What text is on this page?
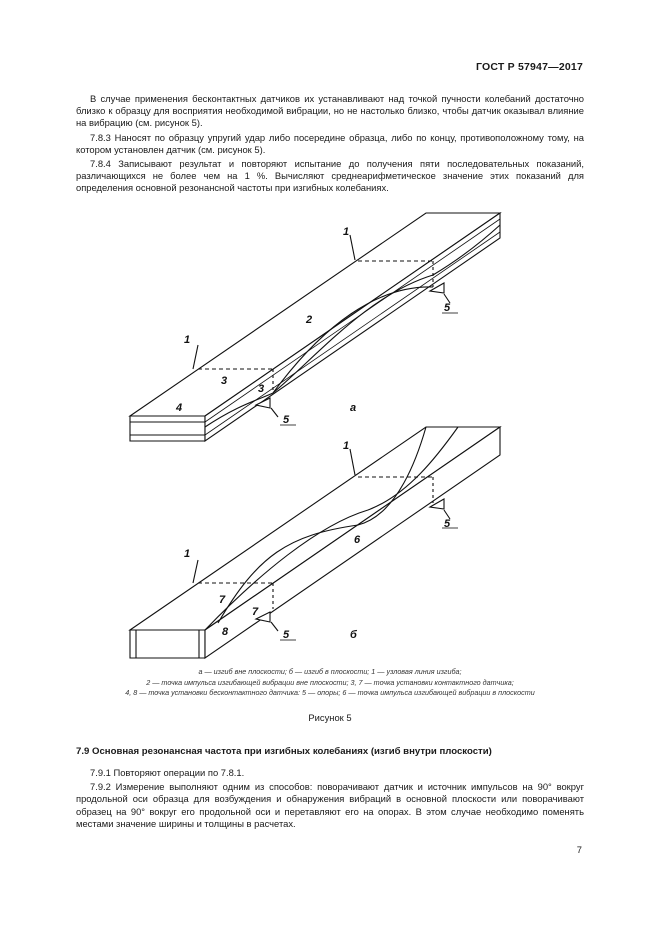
ГОСТ Р 57947—2017

В случае применения бесконтактных датчиков их устанавливают над точкой пучности колебаний достаточно близко к образцу для восприятия необходимой вибрации, но не настолько близко, чтобы датчик оказывал влияние на вибрацию (см. рисунок 5).

7.8.3 Наносят по образцу упругий удар либо посередине образца, либо по концу, противоположному тому, на котором установлен датчик (см. рисунок 5).

7.8.4 Записывают результат и повторяют испытание до получения пяти последовательных показаний, различающихся не более чем на 1 %. Вычисляют среднеарифметическое значение этих показаний для определения основной резонансной частоты при изгибных колебаниях.

1
1
2
3
3
4
5
5
а
1
1
6
7
7
8
5
5	б
а — изгиб вне плоскости; б — изгиб в плоскости; 1 — узловая линия изгиба;
2 — точка импульса изгибающей вибрации вне плоскости; 3, 7 — точка установки контактного датчика;
4, 8 — точка установки бесконтактного датчика: 5 — опоры; 6 — точка импульса изгибающей вибрации в плоскости
Рисунок 5
7.9 Основная резонансная частота при изгибных колебаниях (изгиб внутри плоскости)

7.9.1 Повторяют операции по 7.8.1.

7.9.2 Измерение выполняют одним из способов: поворачивают датчик и источник импульсов на 90° вокруг продольной оси образца для возбуждения и обнаружения вибраций в основной плоскости или поворачивают образец на 90° вокруг его продольной оси и перетавляют его на опорах. В этом случае необходимо поменять местами значение ширины и толщины в расчетах.

7
